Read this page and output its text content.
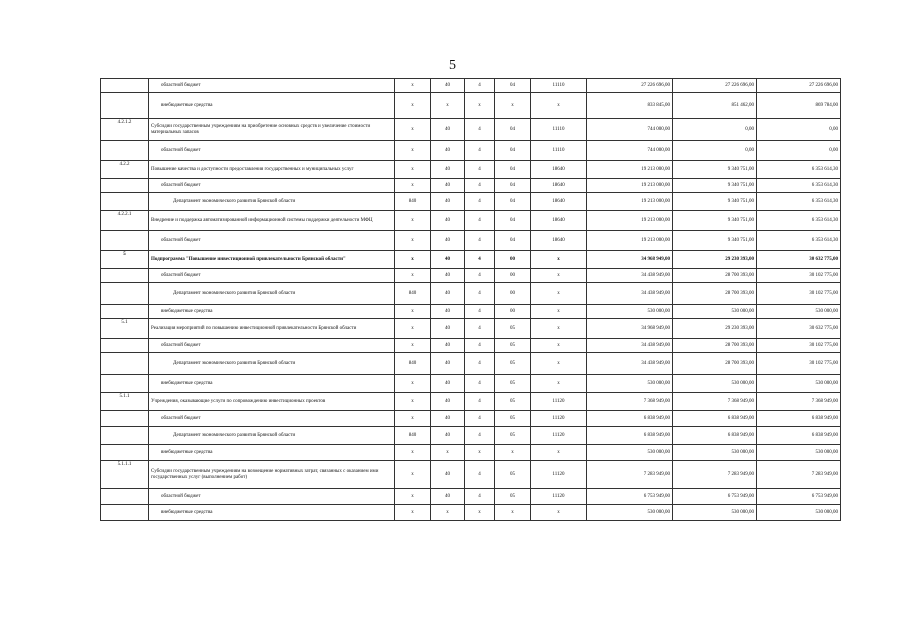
5
	областной бюджет	x	40	4	04	11110	27 226 696,00	27 226 696,00	27 226 696,00
	внебюджетные средства	x	x	x	x	x	833 845,00	851 462,00	869 784,00
4.2.1.2	Субсидии государственным учреждениям на приобретение основных средств и увеличение стоимости материальных запасов	x	40	4	04	11110	744 000,00	0,00	0,00
	областной бюджет	x	40	4	04	11110	744 000,00	0,00	0,00
4.2.2	Повышение качества и доступности предоставления государственных и муниципальных услуг	x	40	4	04	18640	19 213 000,00	9 340 751,00	6 353 614,30
	областной бюджет	x	40	4	04	18640	19 213 000,00	9 340 751,00	6 353 614,30
	Департамент экономического развития Брянской области	840	40	4	04	18640	19 213 000,00	9 340 751,00	6 353 614,30
4.2.2.1	Внедрение и поддержка автоматизированной информационной системы поддержки деятельности МФЦ	x	40	4	04	18640	19 213 000,00	9 340 751,00	6 353 614,30
	областной бюджет	x	40	4	04	18640	19 213 000,00	9 340 751,00	6 353 614,30
5	Подпрограмма "Повышение инвестиционной привлекательности Брянской области"	x	40	4	00	x	34 968 949,00	29 230 393,00	30 632 775,00
	областной бюджет	x	40	4	00	x	34 438 949,00	28 700 393,00	30 102 775,00
	Департамент экономического развития Брянской области	840	40	4	00	x	34 438 949,00	28 700 393,00	30 102 775,00
	внебюджетные средства	x	40	4	00	x	530 000,00	530 000,00	530 000,00
5.1	Реализация мероприятий по повышению инвестиционной привлекательности Брянской области	x	40	4	05	x	34 968 949,00	29 230 393,00	30 632 775,00
	областной бюджет	x	40	4	05	x	34 438 949,00	28 700 393,00	30 102 775,00
	Департамент экономического развития Брянской области	840	40	4	05	x	34 438 949,00	28 700 393,00	30 102 775,00
	внебюджетные средства	x	40	4	05	x	530 000,00	530 000,00	530 000,00
5.1.1	Учреждения, оказывающие услуги по сопровождению инвестиционных проектов	x	40	4	05	11120	7 368 949,00	7 368 949,00	7 368 949,00
	областной бюджет	x	40	4	05	11120	6 838 949,00	6 838 949,00	6 838 949,00
	Департамент экономического развития Брянской области	840	40	4	05	11120	6 838 949,00	6 838 949,00	6 838 949,00
	внебюджетные средства	x	x	x	x	x	530 000,00	530 000,00	530 000,00
5.1.1.1	Субсидии государственным учреждениям на возмещение нормативных затрат, связанных с оказанием ими государственных услуг (выполнением работ)	x	40	4	05	11120	7 283 949,00	7 283 949,00	7 283 949,00
	областной бюджет	x	40	4	05	11120	6 753 949,00	6 753 949,00	6 753 949,00
	внебюджетные средства	x	x	x	x	x	530 000,00	530 000,00	530 000,00
